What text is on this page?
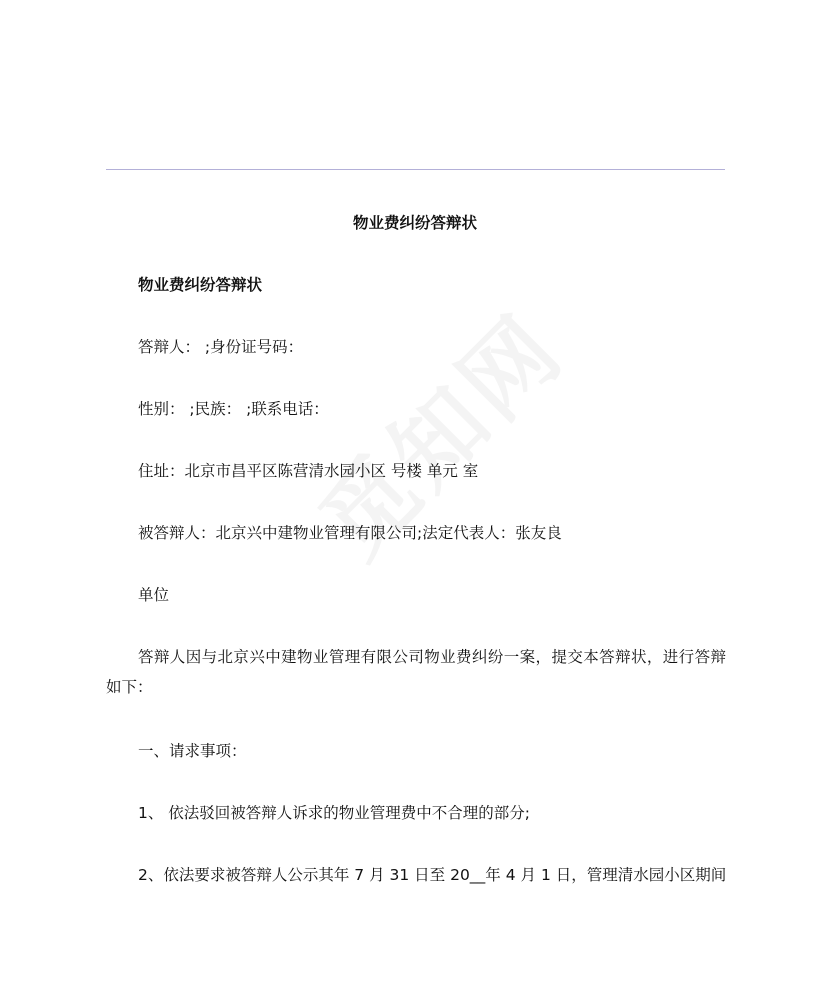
物业费纠纷答辩状
物业费纠纷答辩状
答辩人： ;身份证号码：
性别： ;民族： ;联系电话：
住址：北京市昌平区陈营清水园小区 号楼 单元 室
被答辩人：北京兴中建物业管理有限公司;法定代表人：张友良
单位
答辩人因与北京兴中建物业管理有限公司物业费纠纷一案，提交本答辩状，进行答辩如下：
一、请求事项：
1、 依法驳回被答辩人诉求的物业管理费中不合理的部分;
2、依法要求被答辩人公示其年 7 月 31 日至 20__年 4 月 1 日，管理清水园小区期间
